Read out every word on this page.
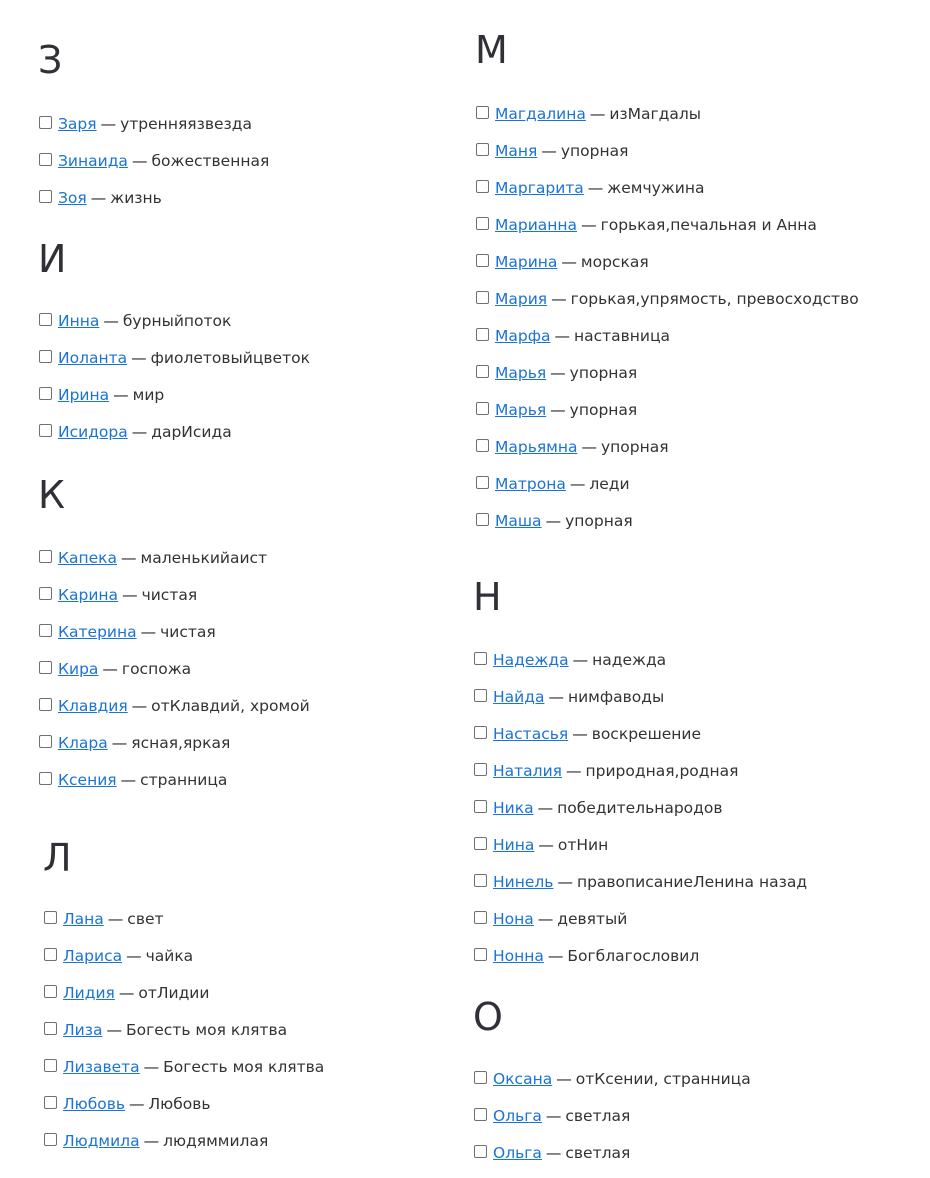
З
Заря — утренняязвезда
Зинаида — божественная
Зоя — жизнь
И
Инна — бурныйпоток
Иоланта — фиолетовыйцветок
Ирина — мир
Исидора — дарИсида
К
Капека — маленькийаист
Карина — чистая
Катерина — чистая
Кира — госпожа
Клавдия — отКлавдий, хромой
Клара — ясная,яркая
Ксения — странница
Л
Лана — свет
Лариса — чайка
Лидия — отЛидии
Лиза — Богесть моя клятва
Лизавета — Богесть моя клятва
Любовь — Любовь
Людмила — людяммилая
М
Магдалина — изМагдалы
Маня — упорная
Маргарита — жемчужина
Марианна — горькая,печальная и Анна
Марина — морская
Мария — горькая,упрямость, превосходство
Марфа — наставница
Марья — упорная
Марья — упорная
Марьямна — упорная
Матрона — леди
Маша — упорная
Н
Надежда — надежда
Найда — нимфаводы
Настасья — воскрешение
Наталия — природная,родная
Ника — победительнародов
Нина — отНин
Нинель — правописаниеЛенина назад
Нона — девятый
Нонна — Богблагословил
О
Оксана — отКсении, странница
Ольга — светлая
Ольга — светлая
